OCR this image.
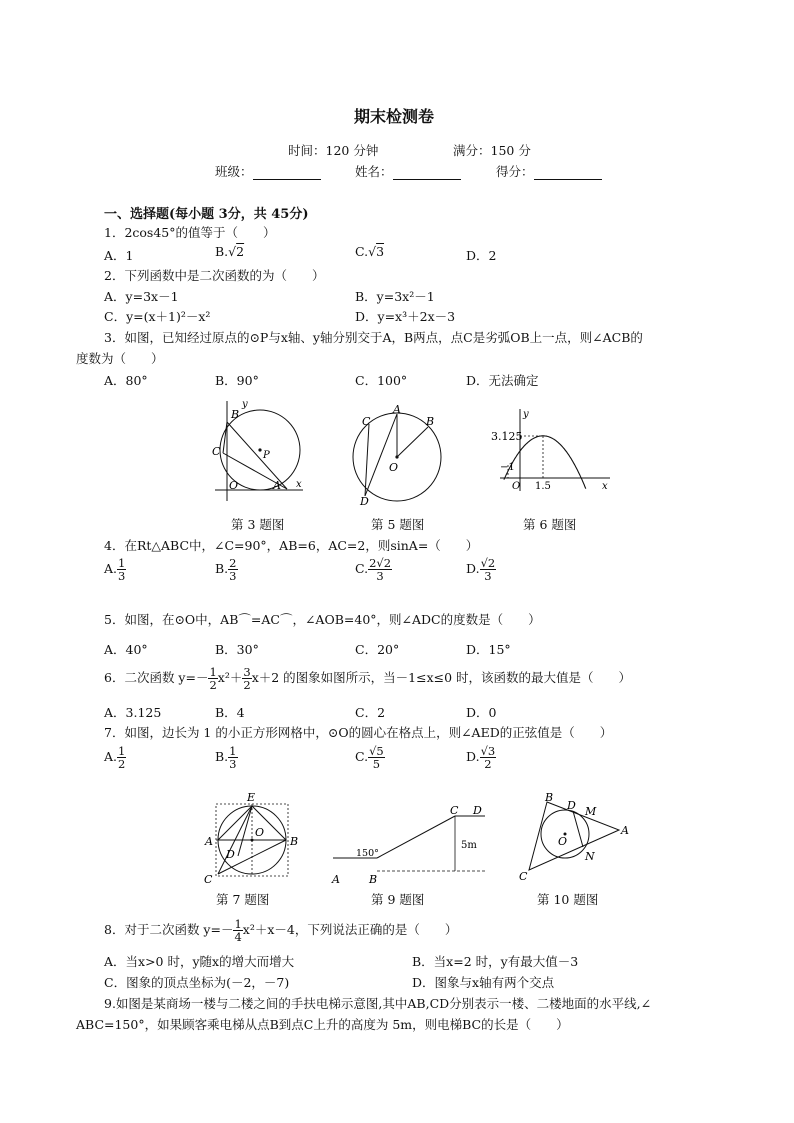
期末检测卷
时间：120 分钟	满分：150 分
班级：	姓名：	得分：
一、选择题(每小题 3分，共 45分)
1．2cos45°的值等于（　　）
A．1	B.√2	C.√3	D．2
2．下列函数中是二次函数的为（　　）
A．y=3x－1	B．y=3x²－1
C．y=(x＋1)²－x²	D．y=x³＋2x－3
3．如图，已知经过原点的⊙P与x轴、y轴分别交于A，B两点，点C是劣弧OB上一点，则∠ACB的
度数为（　　）
A．80°	B．90°	C．100°	D．无法确定
y
B
C	P
O	A x
第 3 题图
C
A
B
O
D
第 5 题图
y
3.125
−1
O 1.5	x
第 6 题图
4．在Rt△ABC中，∠C=90°，AB=6，AC=2，则sinA=（　　）
A. $\frac{1}{3}$	B. $\frac{2}{3}$	C. $\frac{2√2}{3}$	D. $\frac{√2}{3}$
5．如图，在⊙O中，AB⌒=AC⌒，∠AOB=40°，则∠ADC的度数是（　　）
A．40°	B．30°	C．20°	D．15°
6．二次函数 $y=- \frac{1}{2} x^2+ \frac{3}{2} x+2$ 的图象如图所示，当－1≤x≤0 时，该函数的最大值是（　　）
A．3.125	B．4	C．2	D．0
7．如图，边长为 1 的小正方形网格中，⊙O的圆心在格点上，则∠AED的正弦值是（　　）
A. $\frac{1}{2}$	B. $\frac{1}{3}$	C. $\frac{√5}{5}$	D. $\frac{√3}{2}$
E
A
O
B
D
C
第 7 题图
C D
150°
5m
A	B
第 9 题图
B
D M
A
O
N
C
第 10 题图
8．对于二次函数 $y=- \frac{1}{4} x^2+x-4$，下列说法正确的是（　　）
A．当x>0 时，y随x的增大而增大	B．当x=2 时，y有最大值－3
C．图象的顶点坐标为(－2，－7)	D．图象与x轴有两个交点
9.如图是某商场一楼与二楼之间的手扶电梯示意图,其中AB,CD分别表示一楼、二楼地面的水平线,∠
ABC=150°，如果顾客乘电梯从点B到点C上升的高度为 5m，则电梯BC的长是（　　）
